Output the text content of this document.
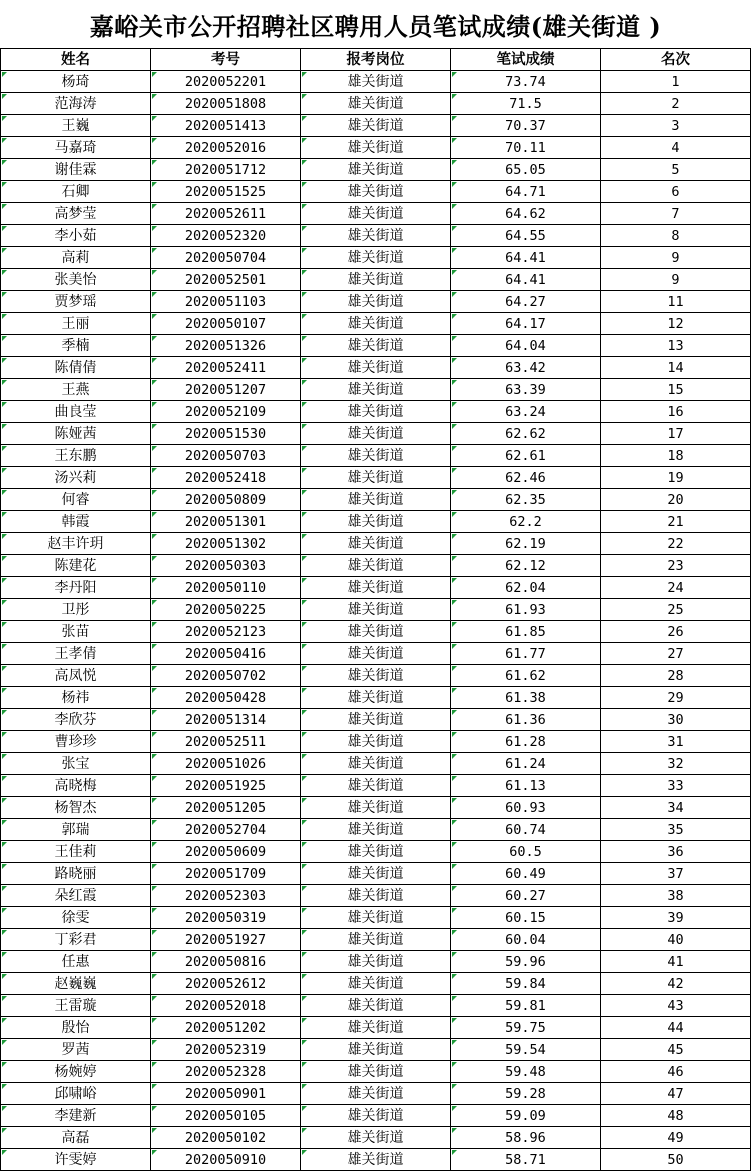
嘉峪关市公开招聘社区聘用人员笔试成绩(雄关街道 )
姓名	考号	报考岗位	笔试成绩	名次
杨琦	2020052201	雄关街道	73.74	1
范海涛	2020051808	雄关街道	71.5	2
王巍	2020051413	雄关街道	70.37	3
马嘉琦	2020052016	雄关街道	70.11	4
谢佳霖	2020051712	雄关街道	65.05	5
石卿	2020051525	雄关街道	64.71	6
高梦莹	2020052611	雄关街道	64.62	7
李小茹	2020052320	雄关街道	64.55	8
高莉	2020050704	雄关街道	64.41	9
张美怡	2020052501	雄关街道	64.41	9
贾梦瑶	2020051103	雄关街道	64.27	11
王丽	2020050107	雄关街道	64.17	12
季楠	2020051326	雄关街道	64.04	13
陈倩倩	2020052411	雄关街道	63.42	14
王燕	2020051207	雄关街道	63.39	15
曲良莹	2020052109	雄关街道	63.24	16
陈娅茜	2020051530	雄关街道	62.62	17
王东鹏	2020050703	雄关街道	62.61	18
汤兴莉	2020052418	雄关街道	62.46	19
何睿	2020050809	雄关街道	62.35	20
韩霞	2020051301	雄关街道	62.2	21
赵丰许玥	2020051302	雄关街道	62.19	22
陈建花	2020050303	雄关街道	62.12	23
李丹阳	2020050110	雄关街道	62.04	24
卫彤	2020050225	雄关街道	61.93	25
张苗	2020052123	雄关街道	61.85	26
王孝倩	2020050416	雄关街道	61.77	27
高凤悦	2020050702	雄关街道	61.62	28
杨祎	2020050428	雄关街道	61.38	29
李欣芬	2020051314	雄关街道	61.36	30
曹珍珍	2020052511	雄关街道	61.28	31
张宝	2020051026	雄关街道	61.24	32
高晓梅	2020051925	雄关街道	61.13	33
杨智杰	2020051205	雄关街道	60.93	34
郭瑞	2020052704	雄关街道	60.74	35
王佳莉	2020050609	雄关街道	60.5	36
路晓丽	2020051709	雄关街道	60.49	37
朵红霞	2020052303	雄关街道	60.27	38
徐雯	2020050319	雄关街道	60.15	39
丁彩君	2020051927	雄关街道	60.04	40
任惠	2020050816	雄关街道	59.96	41
赵巍巍	2020052612	雄关街道	59.84	42
王雷璇	2020052018	雄关街道	59.81	43
殷怡	2020051202	雄关街道	59.75	44
罗茜	2020052319	雄关街道	59.54	45
杨婉婷	2020052328	雄关街道	59.48	46
邱啸峪	2020050901	雄关街道	59.28	47
李建新	2020050105	雄关街道	59.09	48
高磊	2020050102	雄关街道	58.96	49
许雯婷	2020050910	雄关街道	58.71	50
